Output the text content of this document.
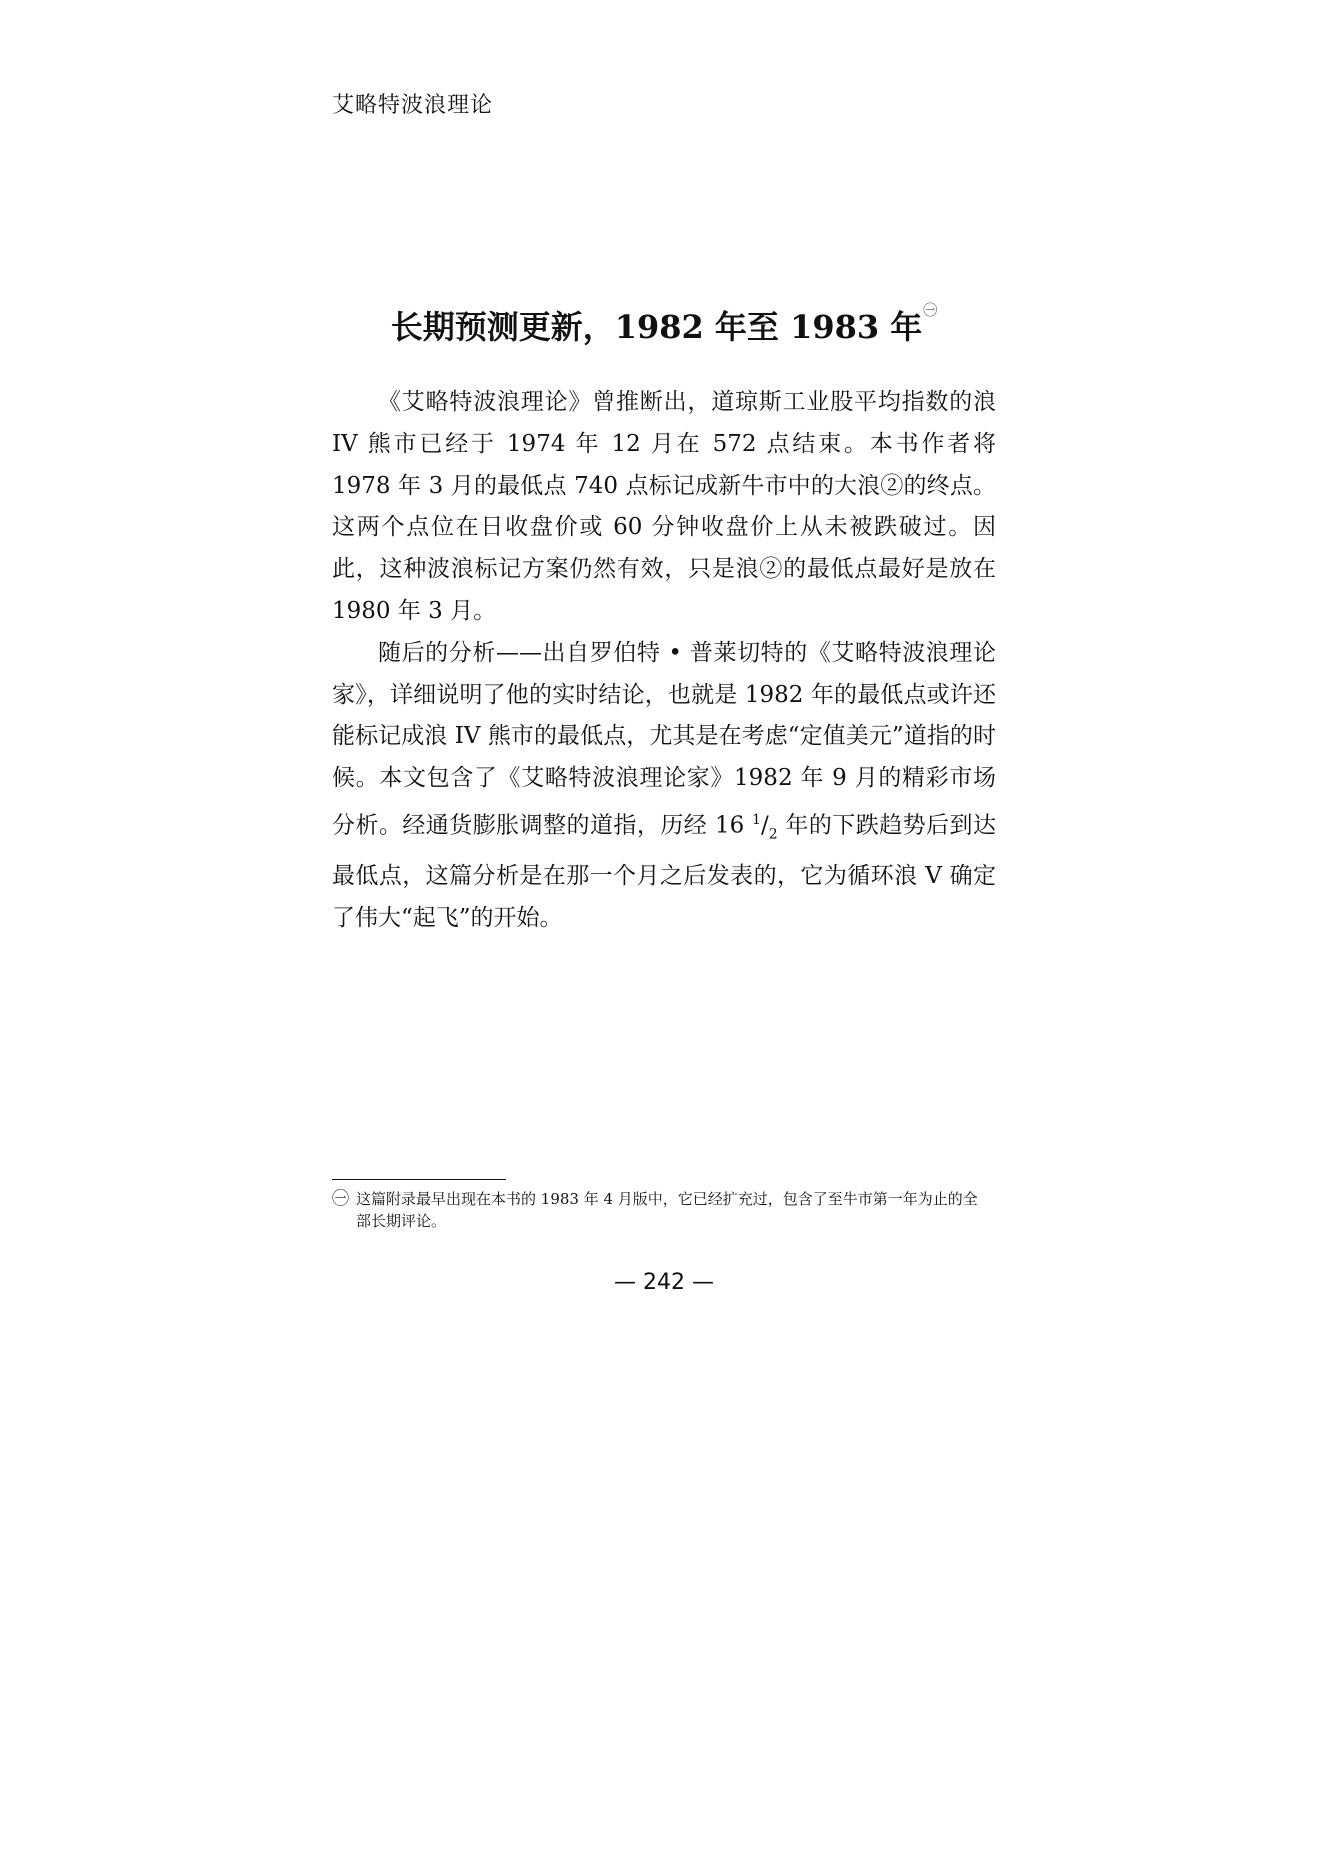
艾略特波浪理论
长期预测更新，1982 年至 1983 年$^㊀$

《艾略特波浪理论》曾推断出，道琼斯工业股平均指数的浪 IV 熊市已经于 1974 年 12 月在 572 点结束。本书作者将 1978 年 3 月的最低点 740 点标记成新牛市中的大浪②的终点。这两个点位在日收盘价或 60 分钟收盘价上从未被跌破过。因此，这种波浪标记方案仍然有效，只是浪②的最低点最好是放在 1980 年 3 月。

随后的分析——出自罗伯特 • 普莱切特的《艾略特波浪理论家》，详细说明了他的实时结论，也就是 1982 年的最低点或许还能标记成浪 IV 熊市的最低点，尤其是在考虑“定值美元”道指的时候。本文包含了《艾略特波浪理论家》1982 年 9 月的精彩市场分析。经通货膨胀调整的道指，历经 16 $^1/_2$ 年的下跌趋势后到达最低点，这篇分析是在那一个月之后发表的，它为循环浪 V 确定了伟大“起飞”的开始。

㊀ 这篇附录最早出现在本书的 1983 年 4 月版中，它已经扩充过，包含了至牛市第一年为止的全部长期评论。
— 242 —
